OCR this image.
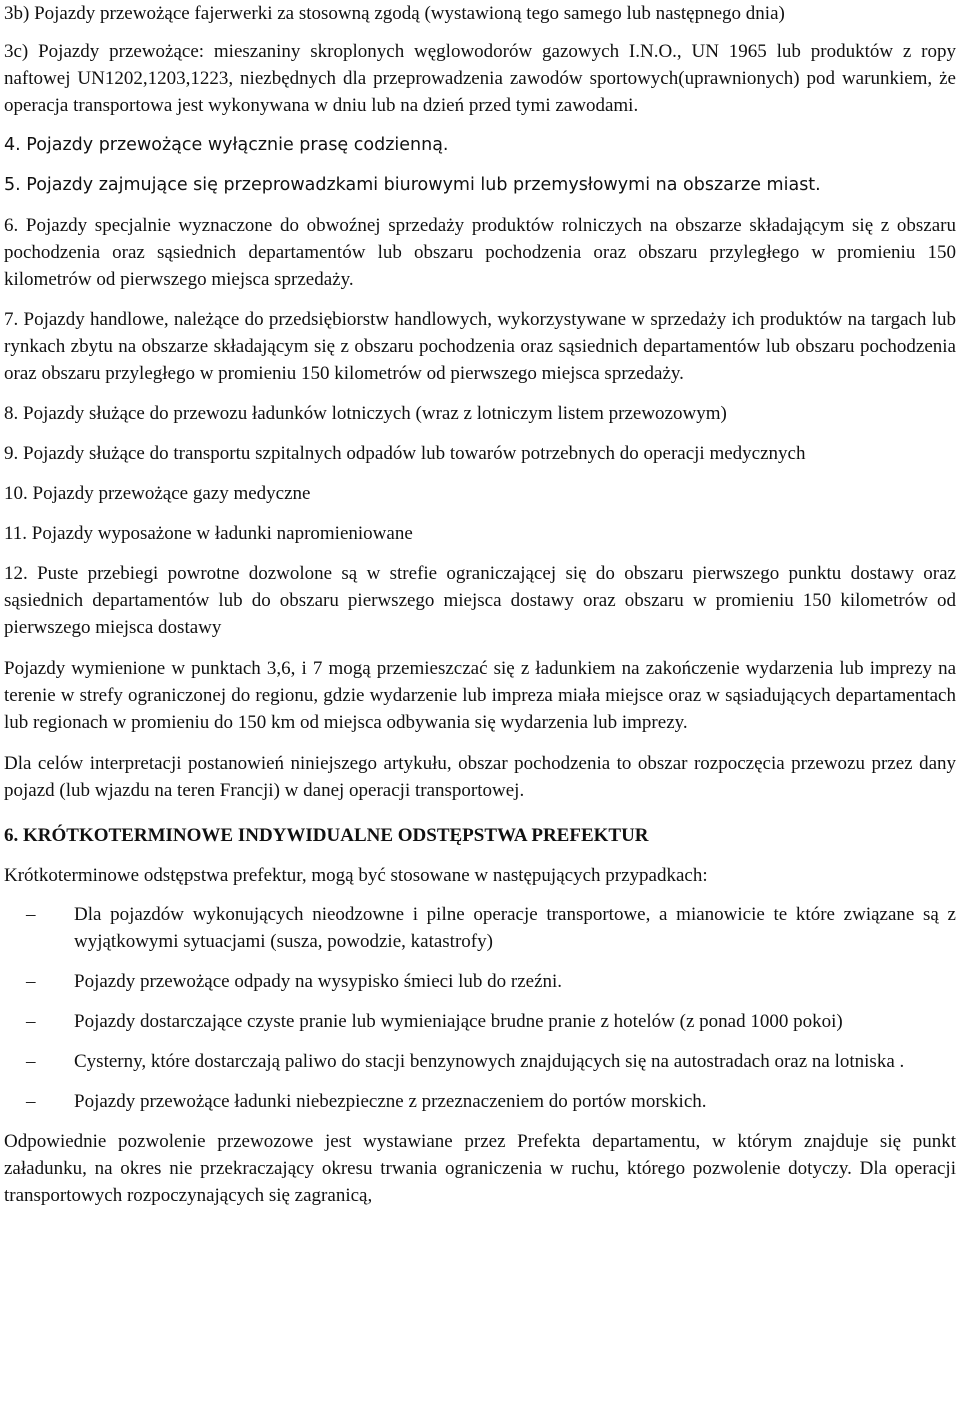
3b) Pojazdy przewożące fajerwerki za stosowną zgodą (wystawioną tego samego lub następnego dnia)

3c) Pojazdy przewożące: mieszaniny skroplonych węglowodorów gazowych I.N.O., UN 1965 lub produktów z ropy naftowej UN1202,1203,1223, niezbędnych dla przeprowadzenia zawodów sportowych(uprawnionych) pod warunkiem, że operacja transportowa jest wykonywana w dniu lub na dzień przed tymi zawodami.

4. Pojazdy przewożące wyłącznie prasę codzienną.

5. Pojazdy zajmujące się przeprowadzkami biurowymi lub przemysłowymi na obszarze miast.

6. Pojazdy specjalnie wyznaczone do obwoźnej sprzedaży produktów rolniczych na obszarze składającym się z obszaru pochodzenia oraz sąsiednich departamentów lub obszaru pochodzenia oraz obszaru przyległego w promieniu 150 kilometrów od pierwszego miejsca sprzedaży.

7. Pojazdy handlowe, należące do przedsiębiorstw handlowych, wykorzystywane w sprzedaży ich produktów na targach lub rynkach zbytu na obszarze składającym się z obszaru pochodzenia oraz sąsiednich departamentów lub obszaru pochodzenia oraz obszaru przyległego w promieniu 150 kilometrów od pierwszego miejsca sprzedaży.

8. Pojazdy służące do przewozu ładunków lotniczych (wraz z lotniczym listem przewozowym)

9. Pojazdy służące do transportu szpitalnych odpadów lub towarów potrzebnych do operacji medycznych

10. Pojazdy przewożące gazy medyczne

11. Pojazdy wyposażone w ładunki napromieniowane

12. Puste przebiegi powrotne dozwolone są w strefie ograniczającej się do obszaru pierwszego punktu dostawy oraz sąsiednich departamentów lub do obszaru pierwszego miejsca dostawy oraz obszaru w promieniu 150 kilometrów od pierwszego miejsca dostawy

Pojazdy wymienione w punktach 3,6, i 7 mogą przemieszczać się z ładunkiem na zakończenie wydarzenia lub imprezy na terenie w strefy ograniczonej do regionu, gdzie wydarzenie lub impreza miała miejsce oraz w sąsiadujących departamentach lub regionach w promieniu do 150 km od miejsca odbywania się wydarzenia lub imprezy.

Dla celów interpretacji postanowień niniejszego artykułu, obszar pochodzenia to obszar rozpoczęcia przewozu przez dany pojazd (lub wjazdu na teren Francji) w danej operacji transportowej.

6. KRÓTKOTERMINOWE INDYWIDUALNE ODSTĘPSTWA PREFEKTUR

Krótkoterminowe odstępstwa prefektur, mogą być stosowane w następujących przypadkach:

– Dla pojazdów wykonujących nieodzowne i pilne operacje transportowe, a mianowicie te które związane są z wyjątkowymi sytuacjami (susza, powodzie, katastrofy)
– Pojazdy przewożące odpady na wysypisko śmieci lub do rzeźni.
– Pojazdy dostarczające czyste pranie lub wymieniające brudne pranie z hotelów (z ponad 1000 pokoi)
– Cysterny, które dostarczają paliwo do stacji benzynowych znajdujących się na autostradach oraz na lotniska .
– Pojazdy przewożące ładunki niebezpieczne z przeznaczeniem do portów morskich.

Odpowiednie pozwolenie przewozowe jest wystawiane przez Prefekta departamentu, w którym znajduje się punkt załadunku, na okres nie przekraczający okresu trwania ograniczenia w ruchu, którego pozwolenie dotyczy. Dla operacji transportowych rozpoczynających się zagranicą,
